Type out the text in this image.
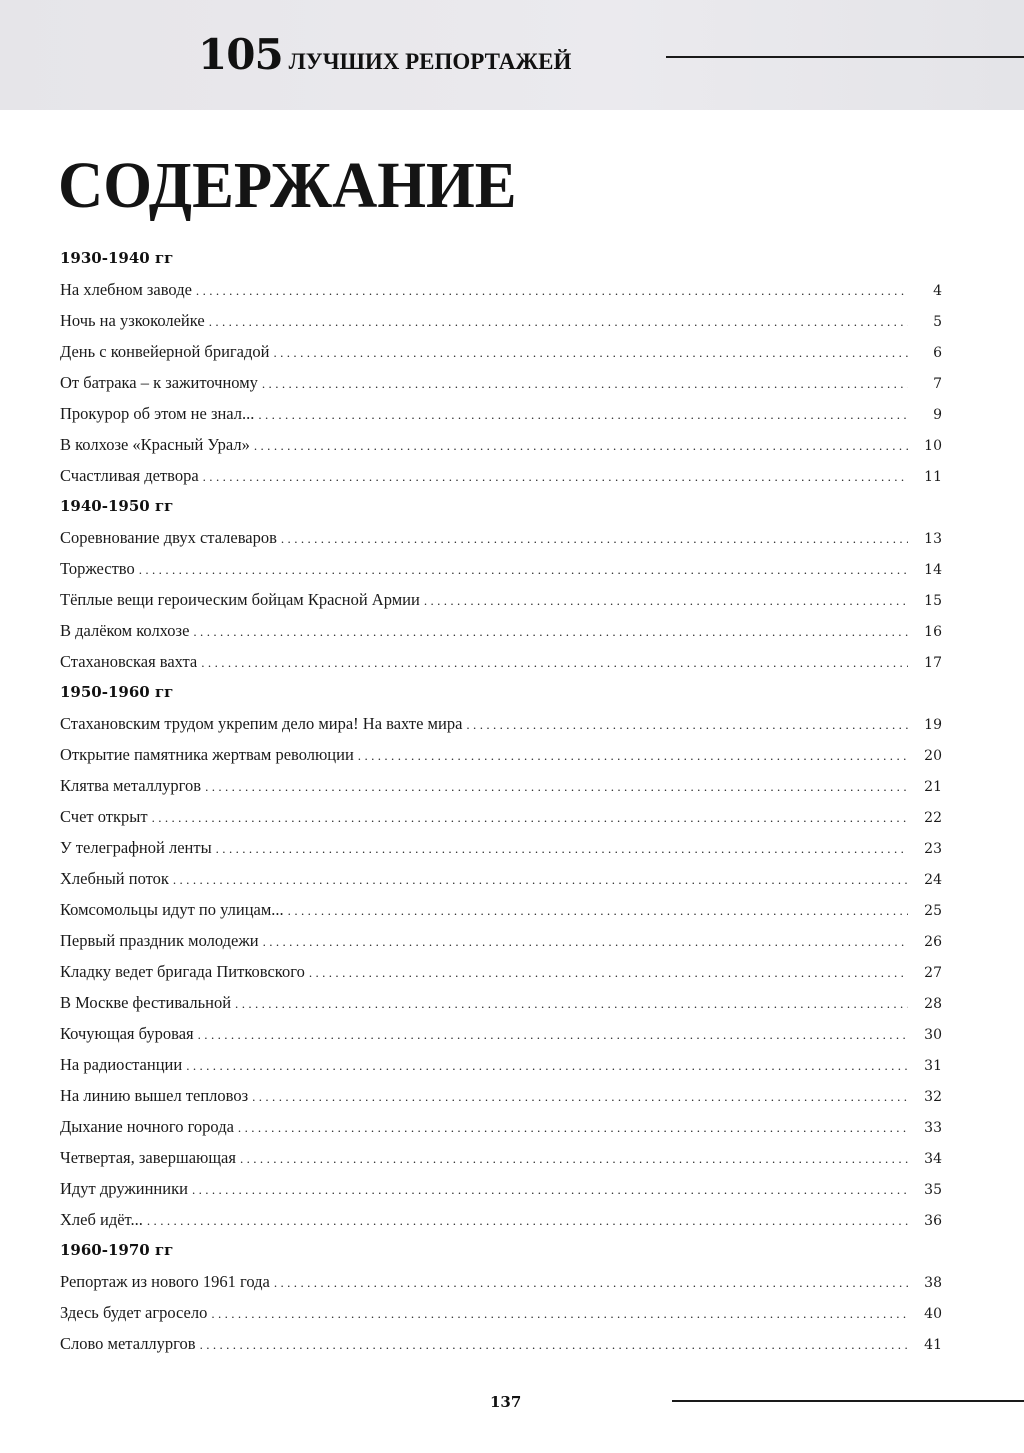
105 ЛУЧШИХ РЕПОРТАЖЕЙ
СОДЕРЖАНИЕ
1930-1940 гг
На хлебном заводе .....	4
Ночь на узкоколейке .....	5
День с конвейерной бригадой .....	6
От батрака – к зажиточному .....	7
Прокурор об этом не знал... .....	9
В колхозе «Красный Урал» .....	10
Счастливая детвора .....	11
1940-1950 гг
Соревнование двух сталеваров .....	13
Торжество .....	14
Тёплые вещи героическим бойцам Красной Армии .....	15
В далёком колхозе .....	16
Стахановская вахта .....	17
1950-1960 гг
Стахановским трудом укрепим дело мира! На вахте мира .....	19
Открытие памятника жертвам революции .....	20
Клятва металлургов .....	21
Счет открыт .....	22
У телеграфной ленты .....	23
Хлебный поток .....	24
Комсомольцы идут по улицам... .....	25
Первый праздник молодежи .....	26
Кладку ведет бригада Питковского .....	27
В Москве фестивальной .....	28
Кочующая буровая .....	30
На радиостанции .....	31
На линию вышел тепловоз .....	32
Дыхание ночного города .....	33
Четвертая, завершающая .....	34
Идут дружинники .....	35
Хлеб идёт... .....	36
1960-1970 гг
Репортаж из нового 1961 года .....	38
Здесь будет агросело .....	40
Слово металлургов .....	41
137
